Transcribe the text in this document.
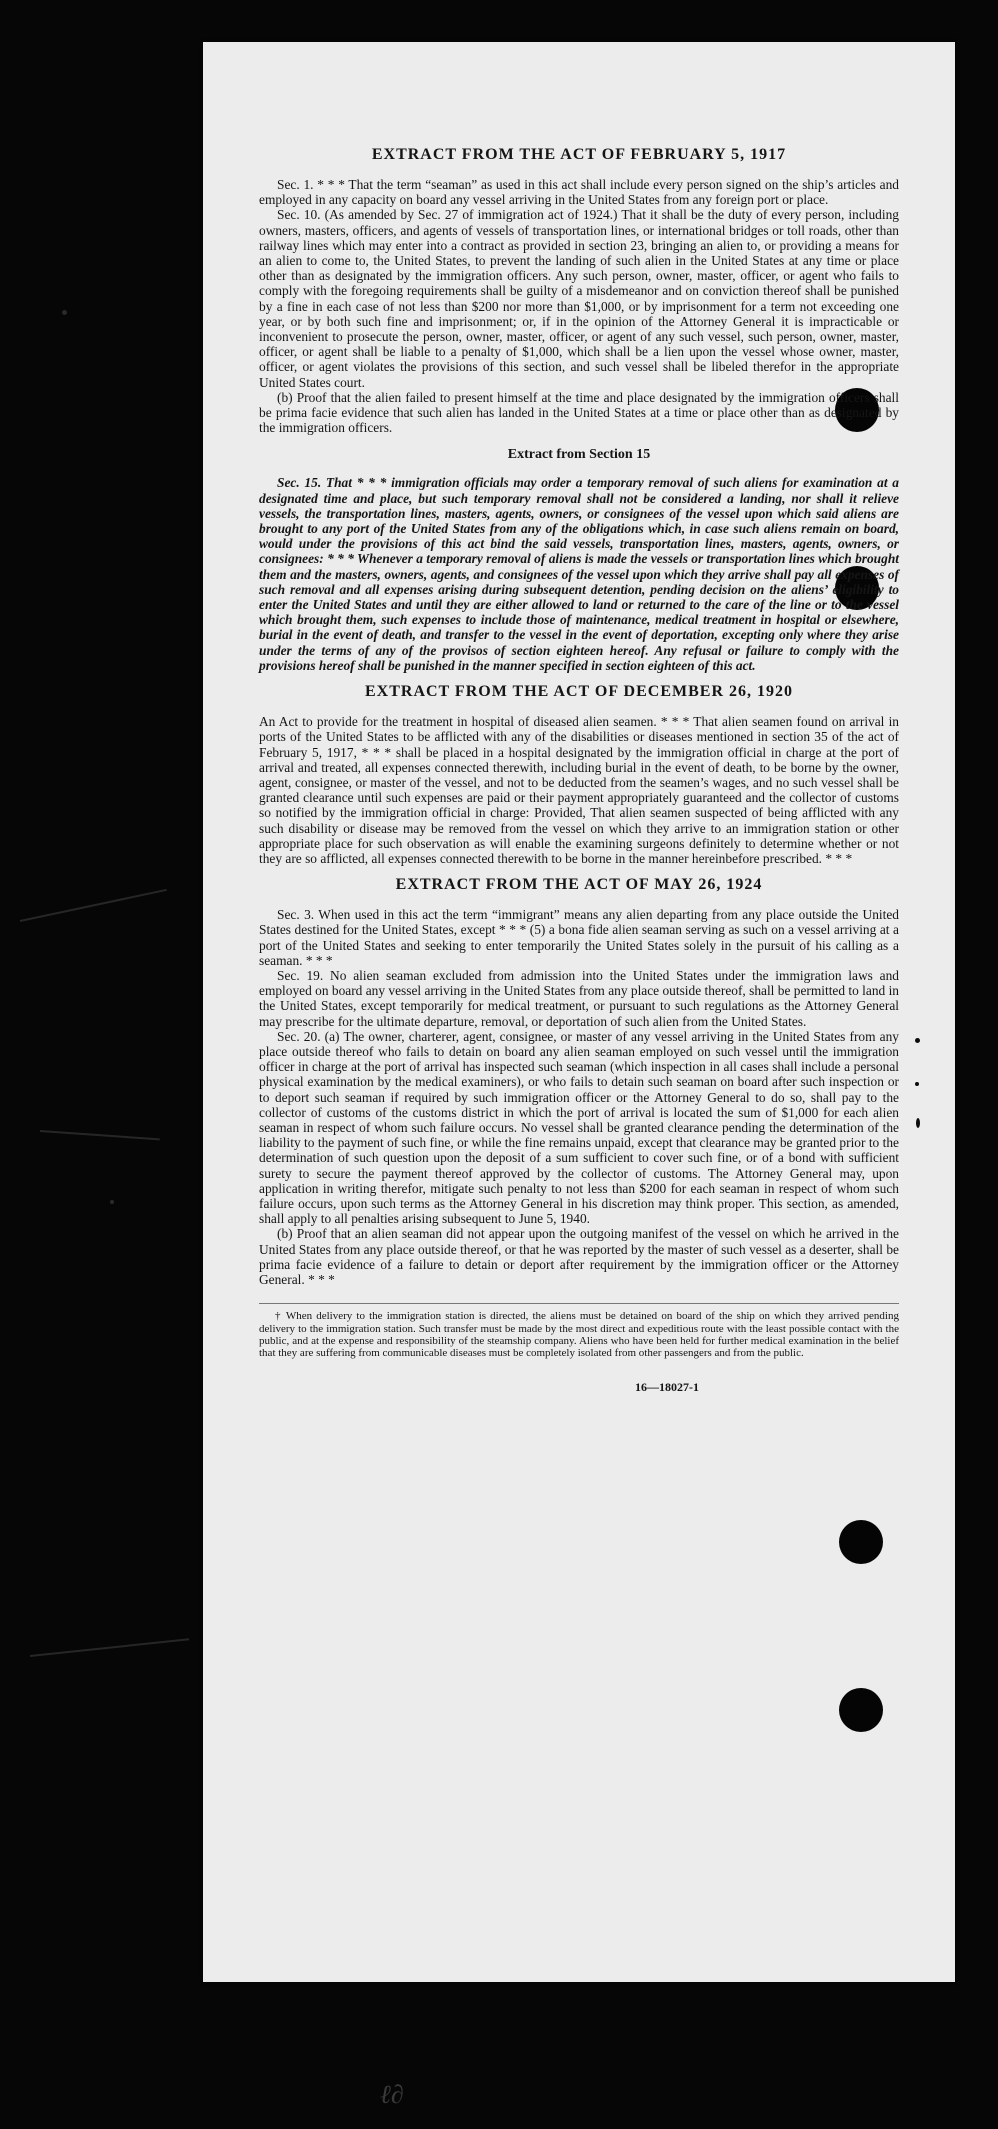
EXTRACT FROM THE ACT OF FEBRUARY 5, 1917

Sec. 1. * * * That the term “seaman” as used in this act shall include every person signed on the ship’s articles and employed in any capacity on board any vessel arriving in the United States from any foreign port or place.

Sec. 10. (As amended by Sec. 27 of immigration act of 1924.) That it shall be the duty of every person, including owners, masters, officers, and agents of vessels of transportation lines, or international bridges or toll roads, other than railway lines which may enter into a contract as provided in section 23, bringing an alien to, or providing a means for an alien to come to, the United States, to prevent the landing of such alien in the United States at any time or place other than as designated by the immigration officers. Any such person, owner, master, officer, or agent who fails to comply with the foregoing requirements shall be guilty of a misdemeanor and on conviction thereof shall be punished by a fine in each case of not less than $200 nor more than $1,000, or by imprisonment for a term not exceeding one year, or by both such fine and imprisonment; or, if in the opinion of the Attorney General it is impracticable or inconvenient to prosecute the person, owner, master, officer, or agent of any such vessel, such person, owner, master, officer, or agent shall be liable to a penalty of $1,000, which shall be a lien upon the vessel whose owner, master, officer, or agent violates the provisions of this section, and such vessel shall be libeled therefor in the appropriate United States court.

(b) Proof that the alien failed to present himself at the time and place designated by the immigration officers shall be prima facie evidence that such alien has landed in the United States at a time or place other than as designated by the immigration officers.

Extract from Section 15

Sec. 15. That * * * immigration officials may order a temporary removal of such aliens for examination at a designated time and place, but such temporary removal shall not be considered a landing, nor shall it relieve vessels, the transportation lines, masters, agents, owners, or consignees of the vessel upon which said aliens are brought to any port of the United States from any of the obligations which, in case such aliens remain on board, would under the provisions of this act bind the said vessels, transportation lines, masters, agents, owners, or consignees: * * * Whenever a temporary removal of aliens is made the vessels or transportation lines which brought them and the masters, owners, agents, and consignees of the vessel upon which they arrive shall pay all expenses of such removal and all expenses arising during subsequent detention, pending decision on the aliens’ eligibility to enter the United States and until they are either allowed to land or returned to the care of the line or to the vessel which brought them, such expenses to include those of maintenance, medical treatment in hospital or elsewhere, burial in the event of death, and transfer to the vessel in the event of deportation, excepting only where they arise under the terms of any of the provisos of section eighteen hereof. Any refusal or failure to comply with the provisions hereof shall be punished in the manner specified in section eighteen of this act.

EXTRACT FROM THE ACT OF DECEMBER 26, 1920

An Act to provide for the treatment in hospital of diseased alien seamen. * * * That alien seamen found on arrival in ports of the United States to be afflicted with any of the disabilities or diseases mentioned in section 35 of the act of February 5, 1917, * * * shall be placed in a hospital designated by the immigration official in charge at the port of arrival and treated, all expenses connected therewith, including burial in the event of death, to be borne by the owner, agent, consignee, or master of the vessel, and not to be deducted from the seamen’s wages, and no such vessel shall be granted clearance until such expenses are paid or their payment appropriately guaranteed and the collector of customs so notified by the immigration official in charge: Provided, That alien seamen suspected of being afflicted with any such disability or disease may be removed from the vessel on which they arrive to an immigration station or other appropriate place for such observation as will enable the examining surgeons definitely to determine whether or not they are so afflicted, all expenses connected therewith to be borne in the manner hereinbefore prescribed. * * *

EXTRACT FROM THE ACT OF MAY 26, 1924

Sec. 3. When used in this act the term “immigrant” means any alien departing from any place outside the United States destined for the United States, except * * * (5) a bona fide alien seaman serving as such on a vessel arriving at a port of the United States and seeking to enter temporarily the United States solely in the pursuit of his calling as a seaman. * * *

Sec. 19. No alien seaman excluded from admission into the United States under the immigration laws and employed on board any vessel arriving in the United States from any place outside thereof, shall be permitted to land in the United States, except temporarily for medical treatment, or pursuant to such regulations as the Attorney General may prescribe for the ultimate departure, removal, or deportation of such alien from the United States.

Sec. 20. (a) The owner, charterer, agent, consignee, or master of any vessel arriving in the United States from any place outside thereof who fails to detain on board any alien seaman employed on such vessel until the immigration officer in charge at the port of arrival has inspected such seaman (which inspection in all cases shall include a personal physical examination by the medical examiners), or who fails to detain such seaman on board after such inspection or to deport such seaman if required by such immigration officer or the Attorney General to do so, shall pay to the collector of customs of the customs district in which the port of arrival is located the sum of $1,000 for each alien seaman in respect of whom such failure occurs. No vessel shall be granted clearance pending the determination of the liability to the payment of such fine, or while the fine remains unpaid, except that clearance may be granted prior to the determination of such question upon the deposit of a sum sufficient to cover such fine, or of a bond with sufficient surety to secure the payment thereof approved by the collector of customs. The Attorney General may, upon application in writing therefor, mitigate such penalty to not less than $200 for each seaman in respect of whom such failure occurs, upon such terms as the Attorney General in his discretion may think proper. This section, as amended, shall apply to all penalties arising subsequent to June 5, 1940.

(b) Proof that an alien seaman did not appear upon the outgoing manifest of the vessel on which he arrived in the United States from any place outside thereof, or that he was reported by the master of such vessel as a deserter, shall be prima facie evidence of a failure to detain or deport after requirement by the immigration officer or the Attorney General. * * *

† When delivery to the immigration station is directed, the aliens must be detained on board of the ship on which they arrived pending delivery to the immigration station. Such transfer must be made by the most direct and expeditious route with the least possible contact with the public, and at the expense and responsibility of the steamship company. Aliens who have been held for further medical examination in the belief that they are suffering from communicable diseases must be completely isolated from other passengers and from the public.

16—18027-1
ℓ∂
